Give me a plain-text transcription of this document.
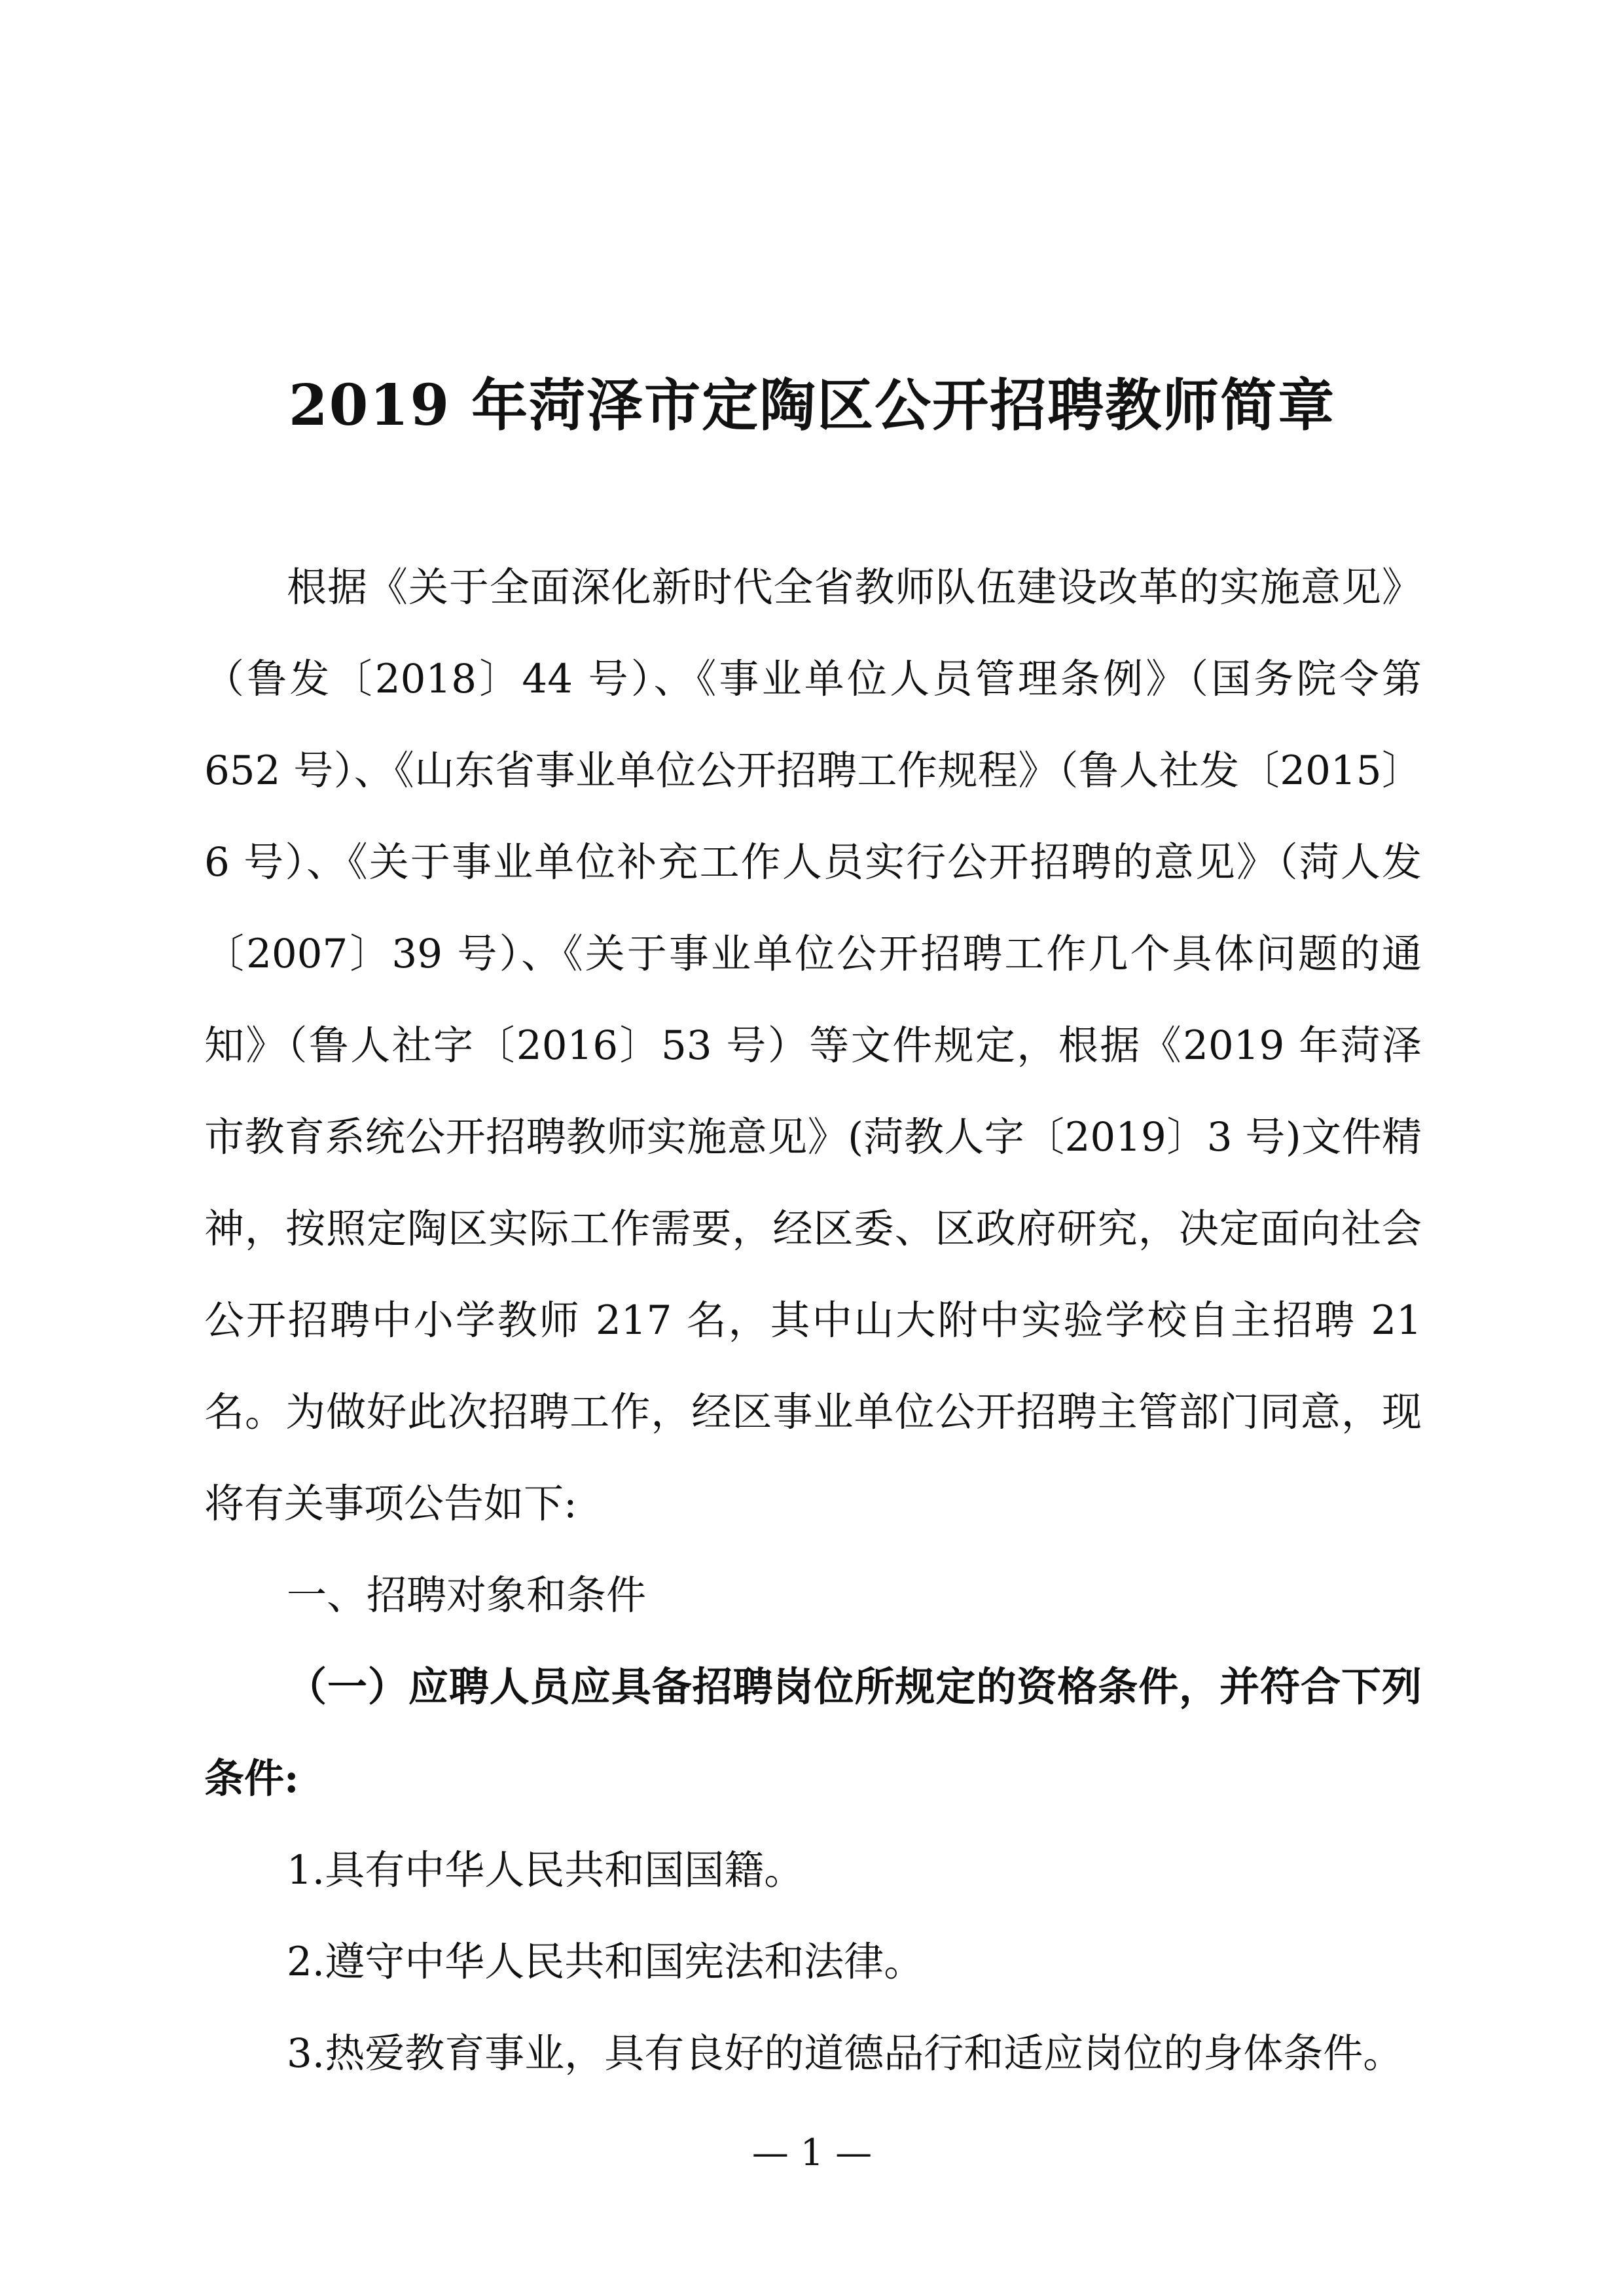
2019 年菏泽市定陶区公开招聘教师简章

根据《关于全面深化新时代全省教师队伍建设改革的实施意见》（鲁发〔2018〕44 号）、《事业单位人员管理条例》（国务院令第 652 号）、《山东省事业单位公开招聘工作规程》（鲁人社发〔2015〕6 号）、《关于事业单位补充工作人员实行公开招聘的意见》（菏人发〔2007〕39 号）、《关于事业单位公开招聘工作几个具体问题的通知》（鲁人社字〔2016〕53 号）等文件规定，根据《2019 年菏泽市教育系统公开招聘教师实施意见》(菏教人字〔2019〕3 号)文件精神，按照定陶区实际工作需要，经区委、区政府研究，决定面向社会公开招聘中小学教师 217 名，其中山大附中实验学校自主招聘 21 名。为做好此次招聘工作，经区事业单位公开招聘主管部门同意，现将有关事项公告如下:

一、招聘对象和条件

（一）应聘人员应具备招聘岗位所规定的资格条件，并符合下列条件:

1.具有中华人民共和国国籍。

2.遵守中华人民共和国宪法和法律。

3.热爱教育事业，具有良好的道德品行和适应岗位的身体条件。

— 1 —
